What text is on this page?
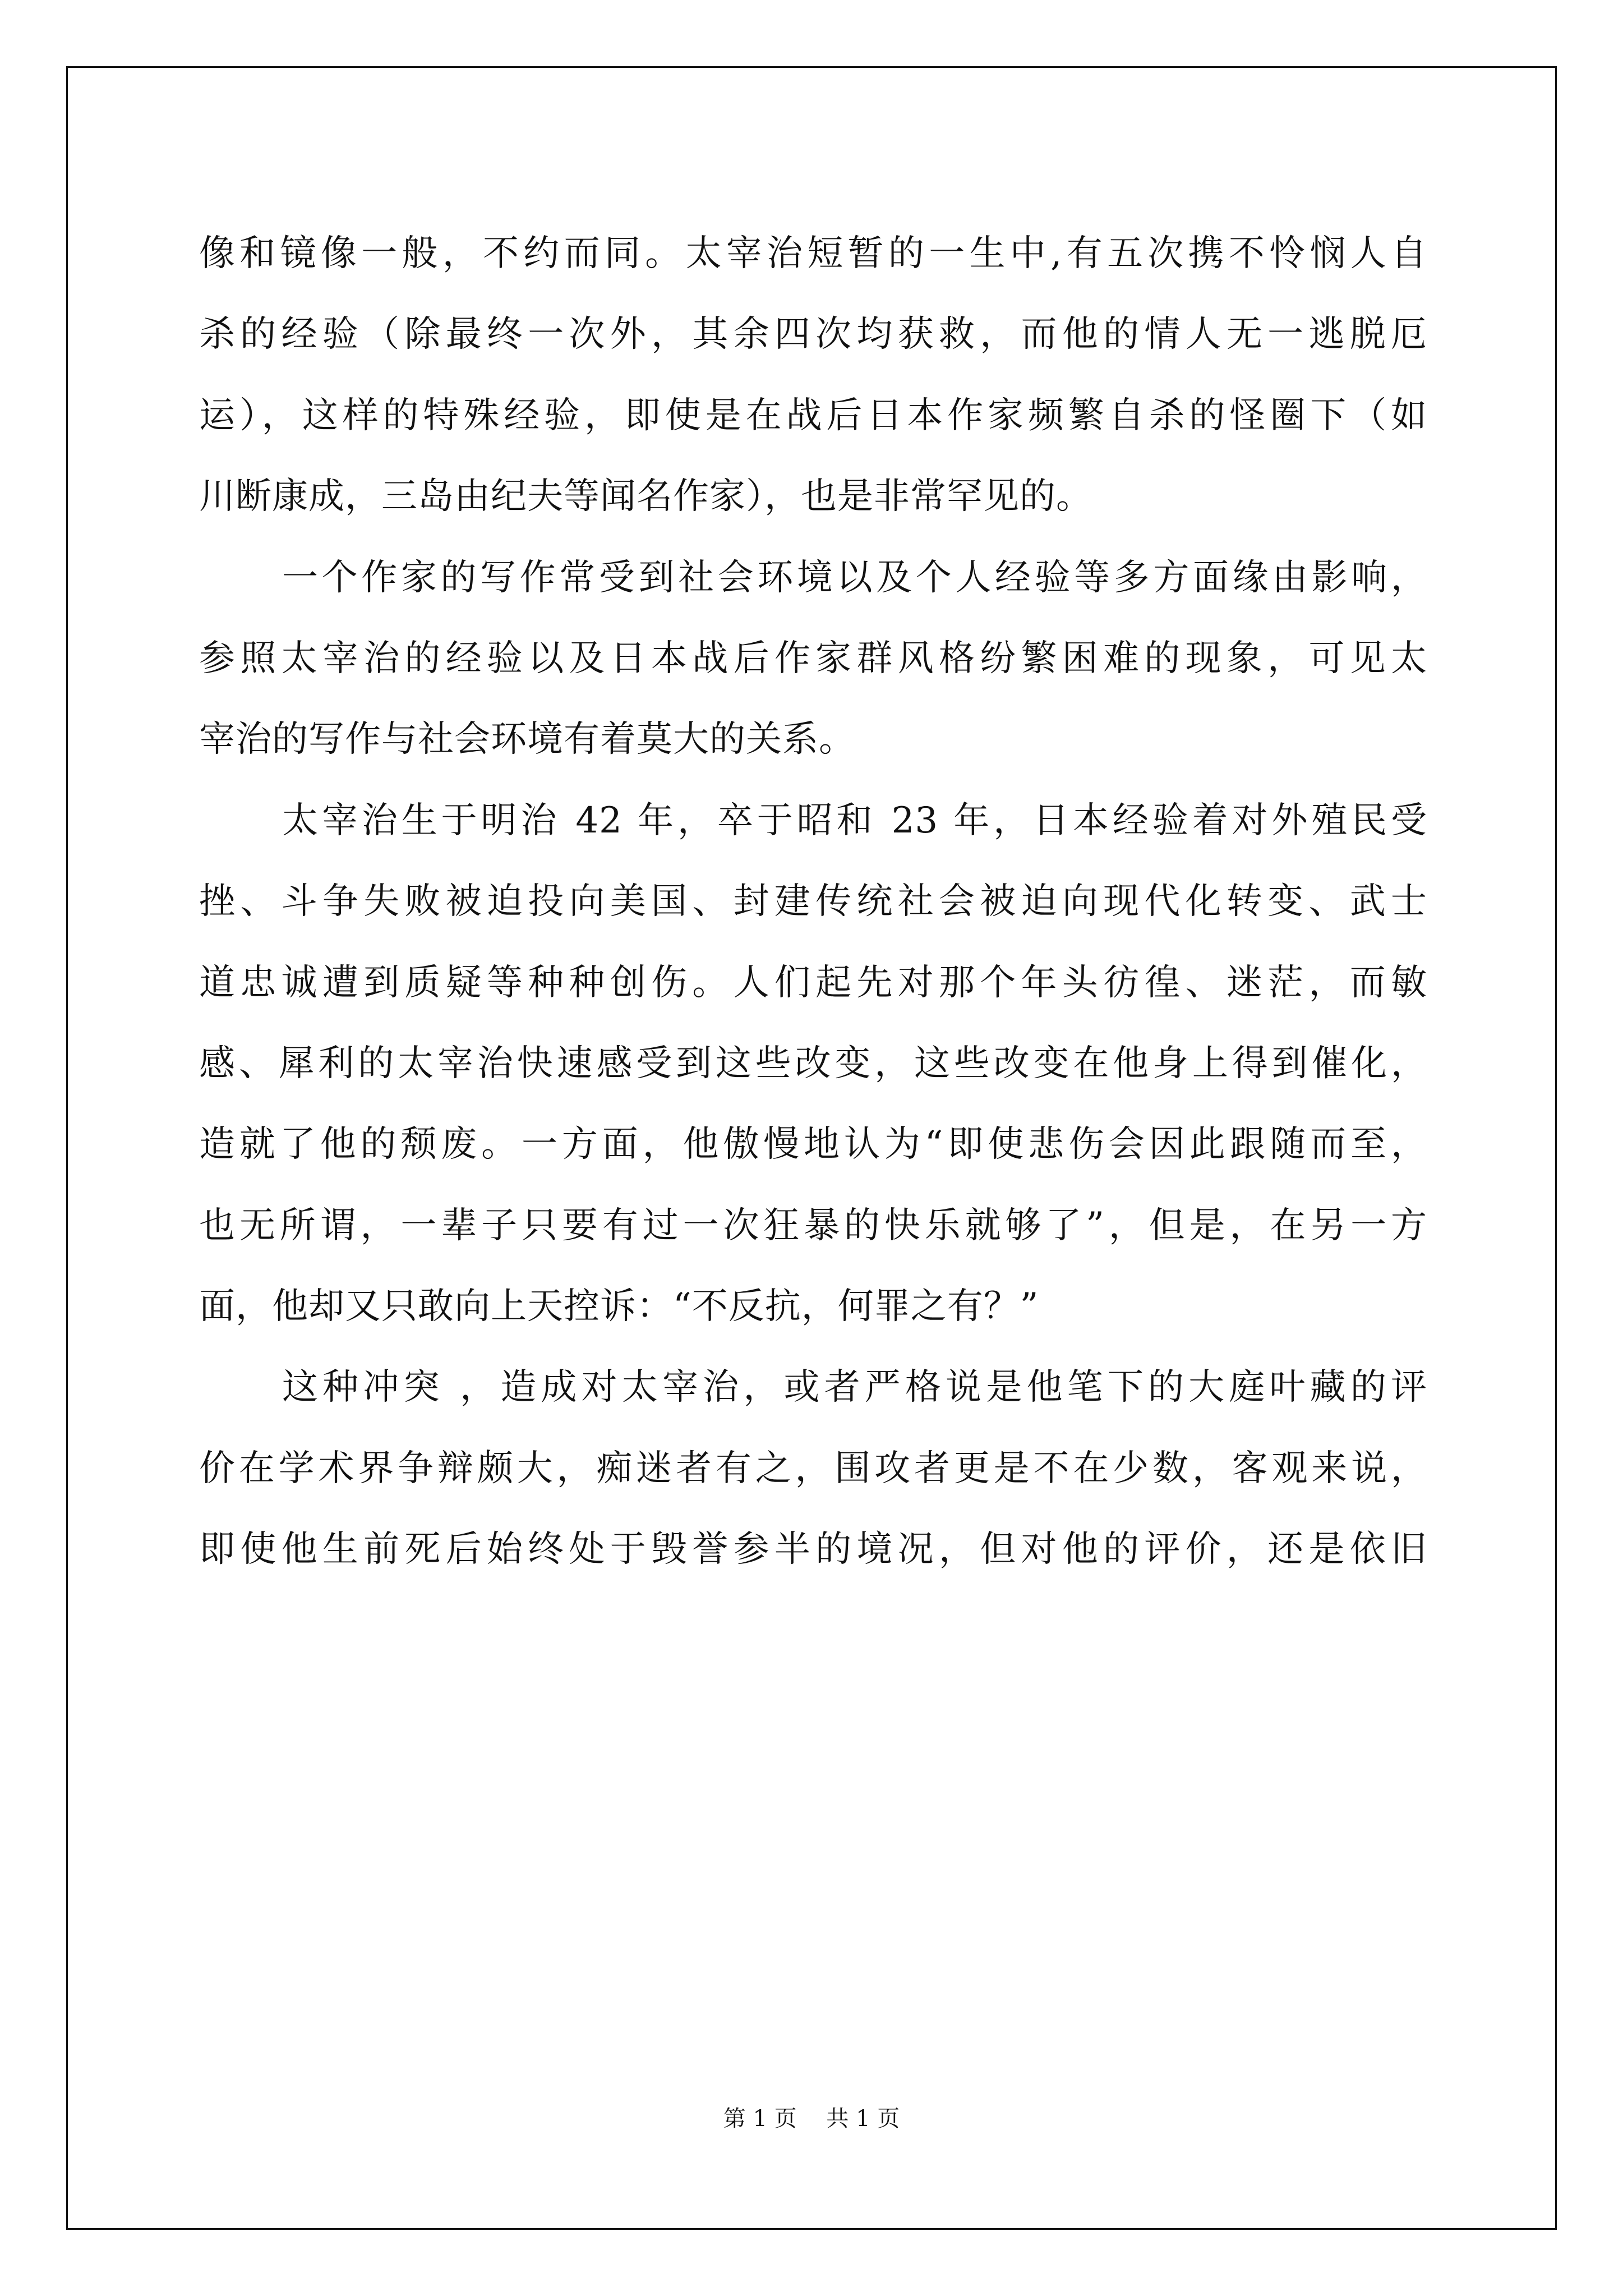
像和镜像一般，不约而同。太宰治短暂的一生中,有五次携不怜悯人自
杀的经验（除最终一次外，其余四次均获救，而他的情人无一逃脱厄
运），这样的特殊经验，即使是在战后日本作家频繁自杀的怪圈下（如
川断康成，三岛由纪夫等闻名作家），也是非常罕见的。
一个作家的写作常受到社会环境以及个人经验等多方面缘由影响，
参照太宰治的经验以及日本战后作家群风格纷繁困难的现象，可见太
宰治的写作与社会环境有着莫大的关系。
太宰治生于明治 42 年，卒于昭和 23 年，日本经验着对外殖民受
挫、斗争失败被迫投向美国、封建传统社会被迫向现代化转变、武士
道忠诚遭到质疑等种种创伤。人们起先对那个年头彷徨、迷茫，而敏
感、犀利的太宰治快速感受到这些改变，这些改变在他身上得到催化，
造就了他的颓废。一方面，他傲慢地认为“即使悲伤会因此跟随而至，
也无所谓，一辈子只要有过一次狂暴的快乐就够了”，但是，在另一方
面，他却又只敢向上天控诉：“不反抗，何罪之有？”
这种冲突 ，造成对太宰治，或者严格说是他笔下的大庭叶藏的评
价在学术界争辩颇大，痴迷者有之，围攻者更是不在少数，客观来说，
即使他生前死后始终处于毁誉参半的境况，但对他的评价，还是依旧
第 1 页 共 1 页
